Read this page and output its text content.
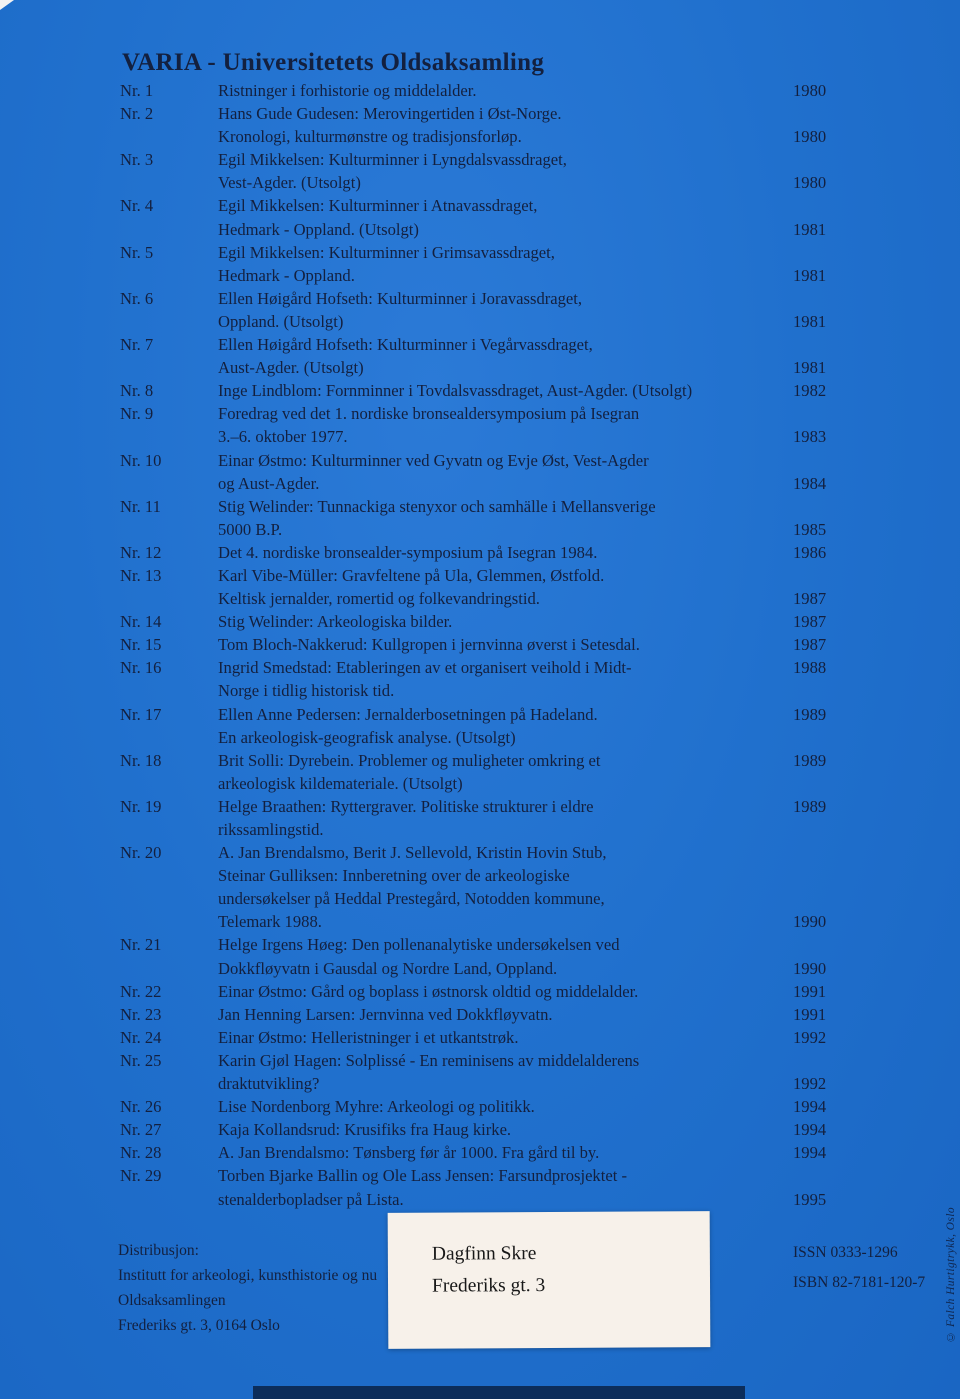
VARIA - Universitetets Oldsaksamling
Nr. 1	Ristninger i forhistorie og middelalder.	1980
Nr. 2	Hans Gude Gudesen: Merovingertiden i Øst-Norge.
Kronologi, kulturmønstre og tradisjonsforløp.	1980
Nr. 3	Egil Mikkelsen: Kulturminner i Lyngdalsvassdraget,
Vest-Agder. (Utsolgt)	1980
Nr. 4	Egil Mikkelsen: Kulturminner i Atnavassdraget,
Hedmark - Oppland. (Utsolgt)	1981
Nr. 5	Egil Mikkelsen: Kulturminner i Grimsavassdraget,
Hedmark - Oppland.	1981
Nr. 6	Ellen Høigård Hofseth: Kulturminner i Joravassdraget,
Oppland. (Utsolgt)	1981
Nr. 7	Ellen Høigård Hofseth: Kulturminner i Vegårvassdraget,
Aust-Agder. (Utsolgt)	1981
Nr. 8	Inge Lindblom: Fornminner i Tovdalsvassdraget, Aust-Agder. (Utsolgt)	1982
Nr. 9	Foredrag ved det 1. nordiske bronsealdersymposium på Isegran
3.–6. oktober 1977.	1983
Nr. 10	Einar Østmo: Kulturminner ved Gyvatn og Evje Øst, Vest-Agder
og Aust-Agder.	1984
Nr. 11	Stig Welinder: Tunnackiga stenyxor och samhälle i Mellansverige
5000 B.P.	1985
Nr. 12	Det 4. nordiske bronsealder-symposium på Isegran 1984.	1986
Nr. 13	Karl Vibe-Müller: Gravfeltene på Ula, Glemmen, Østfold.
Keltisk jernalder, romertid og folkevandringstid.	1987
Nr. 14	Stig Welinder: Arkeologiska bilder.	1987
Nr. 15	Tom Bloch-Nakkerud: Kullgropen i jernvinna øverst i Setesdal.	1987
Nr. 16	Ingrid Smedstad: Etableringen av et organisert veihold i Midt-	1988
Norge i tidlig historisk tid.
Nr. 17	Ellen Anne Pedersen: Jernalderbosetningen på Hadeland.	1989
En arkeologisk-geografisk analyse. (Utsolgt)
Nr. 18	Brit Solli: Dyrebein. Problemer og muligheter omkring et	1989
arkeologisk kildemateriale. (Utsolgt)
Nr. 19	Helge Braathen: Ryttergraver. Politiske strukturer i eldre	1989
rikssamlingstid.
Nr. 20	A. Jan Brendalsmo, Berit J. Sellevold, Kristin Hovin Stub,
Steinar Gulliksen: Innberetning over de arkeologiske
undersøkelser på Heddal Prestegård, Notodden kommune,
Telemark 1988.	1990
Nr. 21	Helge Irgens Høeg: Den pollenanalytiske undersøkelsen ved
Dokkfløyvatn i Gausdal og Nordre Land, Oppland.	1990
Nr. 22	Einar Østmo: Gård og boplass i østnorsk oldtid og middelalder.	1991
Nr. 23	Jan Henning Larsen: Jernvinna ved Dokkfløyvatn.	1991
Nr. 24	Einar Østmo: Helleristninger i et utkantstrøk.	1992
Nr. 25	Karin Gjøl Hagen: Solplissé - En reminisens av middelalderens
draktutvikling?	1992
Nr. 26	Lise Nordenborg Myhre: Arkeologi og politikk.	1994
Nr. 27	Kaja Kollandsrud: Krusifiks fra Haug kirke.	1994
Nr. 28	A. Jan Brendalsmo: Tønsberg før år 1000. Fra gård til by.	1994
Nr. 29	Torben Bjarke Ballin og Ole Lass Jensen: Farsundprosjektet -
stenalderbopladser på Lista.	1995
Distribusjon:
Institutt for arkeologi, kunsthistorie og nu
Oldsaksamlingen
Frederiks gt. 3, 0164 Oslo
Dagfinn Skre
Frederiks gt. 3
ISSN 0333-1296
ISBN 82-7181-120-7 © Falch Hurtigtrykk, Oslo
